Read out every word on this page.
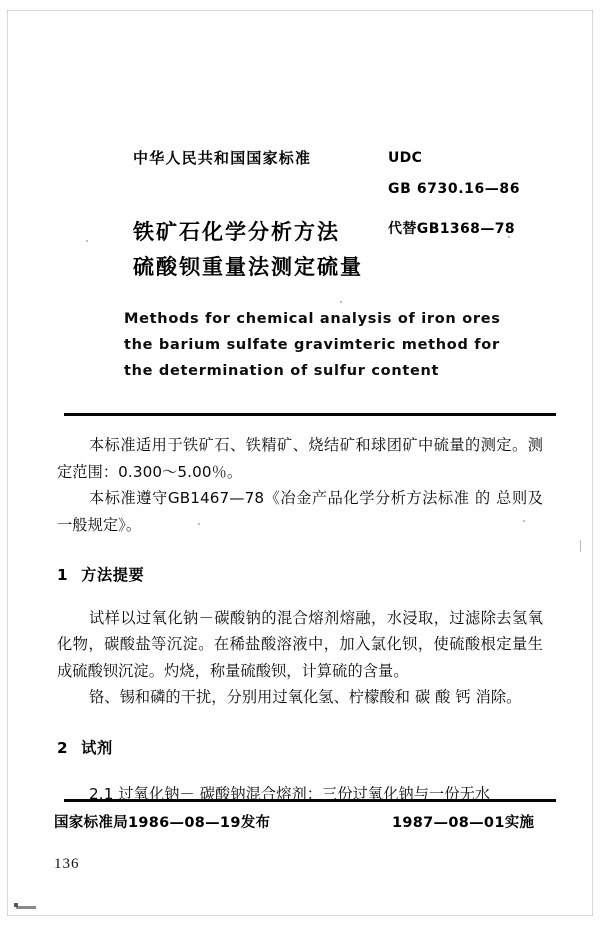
中华人民共和国国家标准
铁矿石化学分析方法
硫酸钡重量法测定硫量
UDC
GB 6730.16—86
代替GB1368—78
Methods for chemical analysis of iron ores
the barium sulfate gravimteric method for
the determination of sulfur content

本标准适用于铁矿石、铁精矿、烧结矿和球团矿中硫量的测定。测定范围：0.300～5.00％。

本标准遵守GB1467—78《冶金产品化学分析方法标准 的 总则及一般规定》。

1 方法提要

试样以过氧化钠－碳酸钠的混合熔剂熔融，水浸取，过滤除去氢氧化物，碳酸盐等沉淀。在稀盐酸溶液中，加入氯化钡，使硫酸根定量生成硫酸钡沉淀。灼烧，称量硫酸钡，计算硫的含量。

铬、锡和磷的干扰，分别用过氧化氢、柠檬酸和 碳 酸 钙 消除。

2 试剂

2.1 过氧化钠－ 碳酸钠混合熔剂：三份过氧化钠与一份无水

国家标准局1986—08—19发布	1987—08—01实施
136
